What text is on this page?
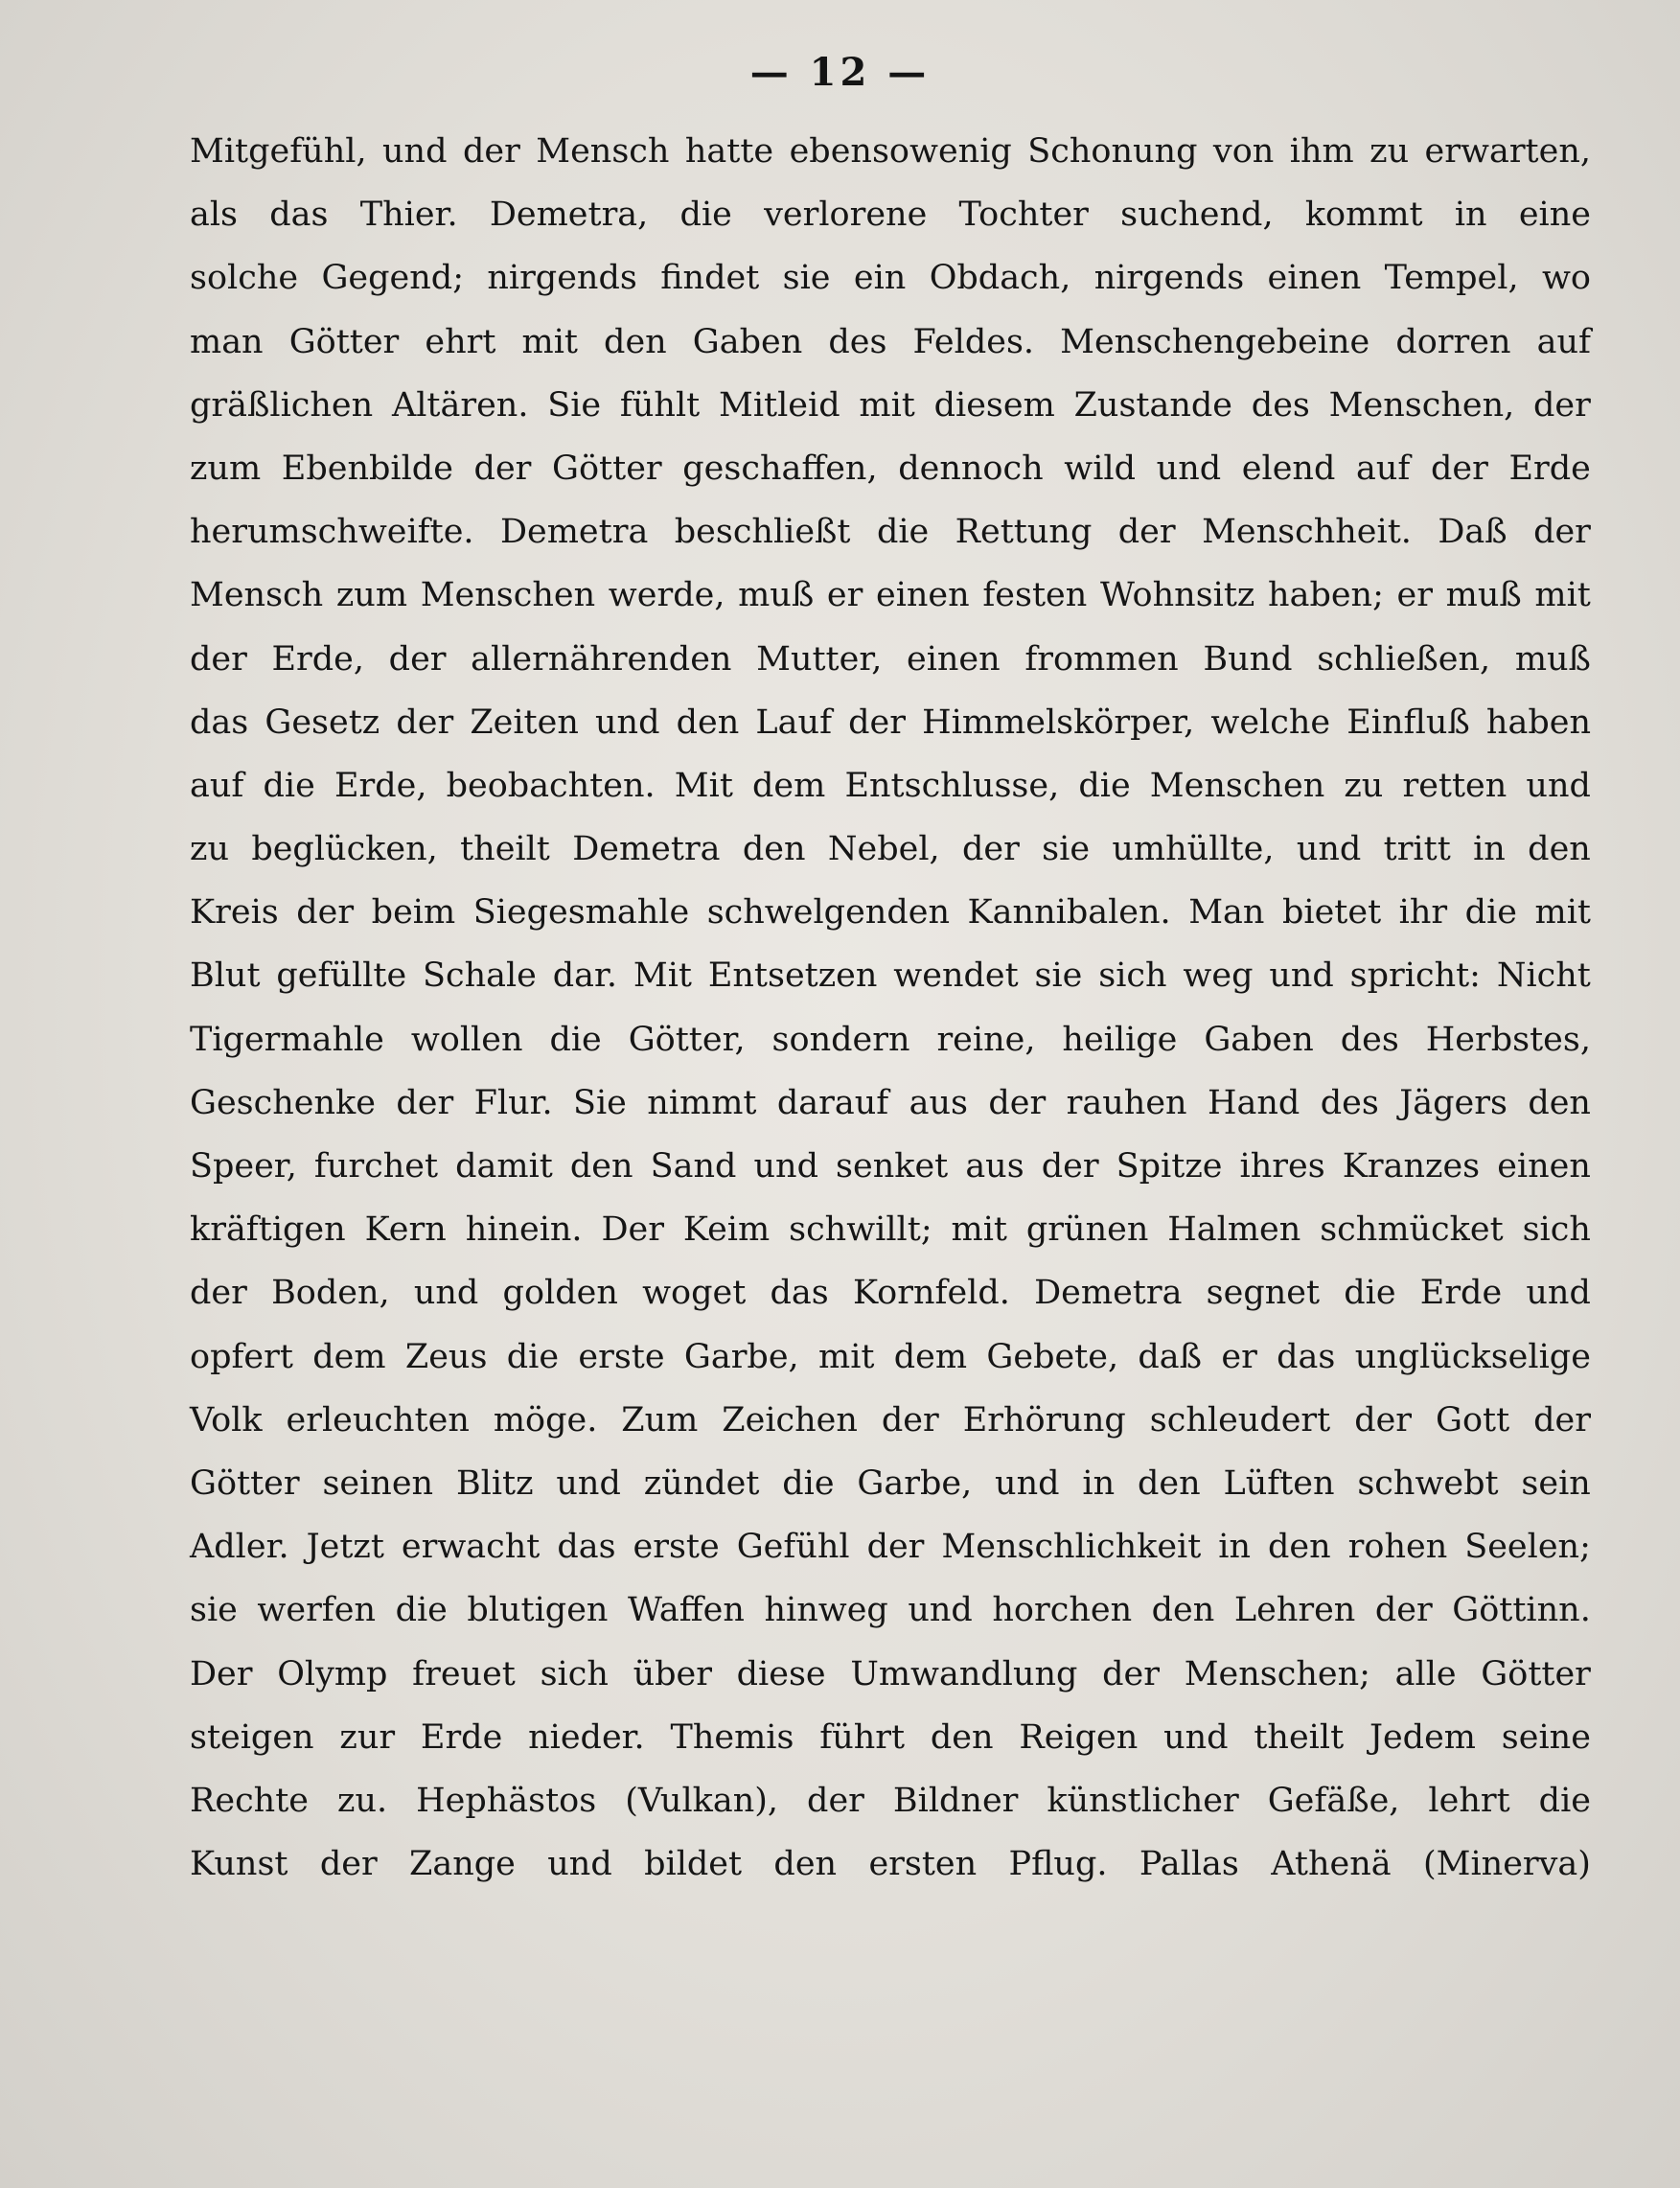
— 12 —
Mitgefühl, und der Mensch hatte ebensowenig Schonung von ihm zu erwarten,
als das Thier. Demetra, die verlorene Tochter suchend, kommt in eine
solche Gegend; nirgends findet sie ein Obdach, nirgends einen Tempel, wo
man Götter ehrt mit den Gaben des Feldes. Menschengebeine dorren auf
gräßlichen Altären. Sie fühlt Mitleid mit diesem Zustande des Menschen, der
zum Ebenbilde der Götter geschaffen, dennoch wild und elend auf der Erde
herumschweifte. Demetra beschließt die Rettung der Menschheit. Daß der
Mensch zum Menschen werde, muß er einen festen Wohnsitz haben; er muß mit
der Erde, der allernährenden Mutter, einen frommen Bund schließen, muß
das Gesetz der Zeiten und den Lauf der Himmelskörper, welche Einfluß haben
auf die Erde, beobachten. Mit dem Entschlusse, die Menschen zu retten und
zu beglücken, theilt Demetra den Nebel, der sie umhüllte, und tritt in den
Kreis der beim Siegesmahle schwelgenden Kannibalen. Man bietet ihr die mit
Blut gefüllte Schale dar. Mit Entsetzen wendet sie sich weg und spricht: Nicht
Tigermahle wollen die Götter, sondern reine, heilige Gaben des Herbstes,
Geschenke der Flur. Sie nimmt darauf aus der rauhen Hand des Jägers den
Speer, furchet damit den Sand und senket aus der Spitze ihres Kranzes einen
kräftigen Kern hinein. Der Keim schwillt; mit grünen Halmen schmücket sich
der Boden, und golden woget das Kornfeld. Demetra segnet die Erde und
opfert dem Zeus die erste Garbe, mit dem Gebete, daß er das unglückselige
Volk erleuchten möge. Zum Zeichen der Erhörung schleudert der Gott der
Götter seinen Blitz und zündet die Garbe, und in den Lüften schwebt sein
Adler. Jetzt erwacht das erste Gefühl der Menschlichkeit in den rohen Seelen;
sie werfen die blutigen Waffen hinweg und horchen den Lehren der Göttinn.
Der Olymp freuet sich über diese Umwandlung der Menschen; alle Götter
steigen zur Erde nieder. Themis führt den Reigen und theilt Jedem seine
Rechte zu. Hephästos (Vulkan), der Bildner künstlicher Gefäße, lehrt die
Kunst der Zange und bildet den ersten Pflug. Pallas Athenä (Minerva)
